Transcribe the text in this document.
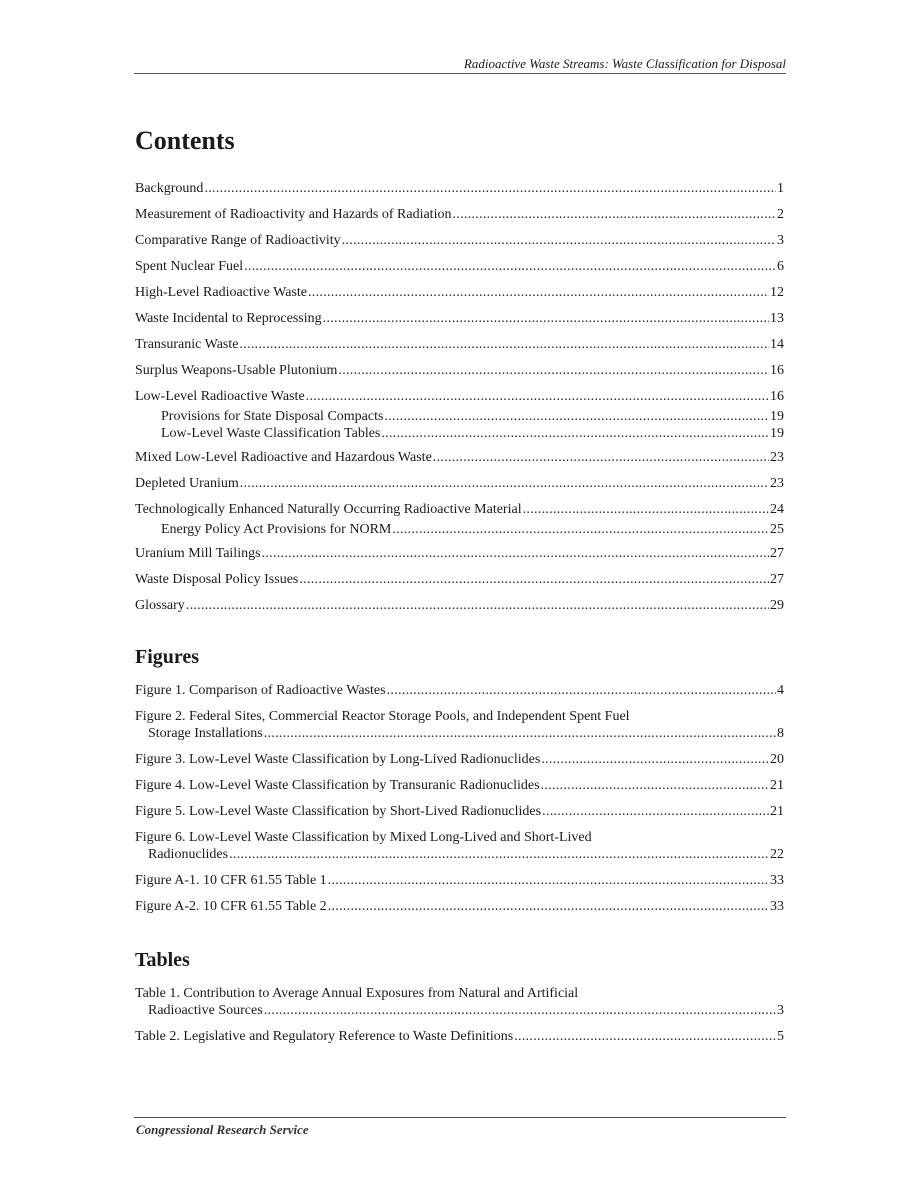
Radioactive Waste Streams: Waste Classification for Disposal
Contents
Background . . .	1
Measurement of Radioactivity and Hazards of Radiation . . .	2
Comparative Range of Radioactivity . . .	3
Spent Nuclear Fuel . . .	6
High-Level Radioactive Waste . . .	12
Waste Incidental to Reprocessing . . .	13
Transuranic Waste . . .	14
Surplus Weapons-Usable Plutonium . . .	16
Low-Level Radioactive Waste . . .	16
Provisions for State Disposal Compacts . . .	19
Low-Level Waste Classification Tables . . .	19
Mixed Low-Level Radioactive and Hazardous Waste . . .	23
Depleted Uranium . . .	23
Technologically Enhanced Naturally Occurring Radioactive Material . . .	24
Energy Policy Act Provisions for NORM . . .	25
Uranium Mill Tailings . . .	27
Waste Disposal Policy Issues . . .	27
Glossary . . .	29
Figures
Figure 1. Comparison of Radioactive Wastes . . .	4
Figure 2. Federal Sites, Commercial Reactor Storage Pools, and Independent Spent Fuel
Storage Installations . . .	8
Figure 3. Low-Level Waste Classification by Long-Lived Radionuclides . . .	20
Figure 4. Low-Level Waste Classification by Transuranic Radionuclides . . .	21
Figure 5. Low-Level Waste Classification by Short-Lived Radionuclides . . .	21
Figure 6. Low-Level Waste Classification by Mixed Long-Lived and Short-Lived
Radionuclides . . .	22
Figure A-1. 10 CFR 61.55 Table 1 . . .	33
Figure A-2. 10 CFR 61.55 Table 2 . . .	33
Tables
Table 1. Contribution to Average Annual Exposures from Natural and Artificial
Radioactive Sources . . .	3
Table 2. Legislative and Regulatory Reference to Waste Definitions . . .	5
Congressional Research Service
